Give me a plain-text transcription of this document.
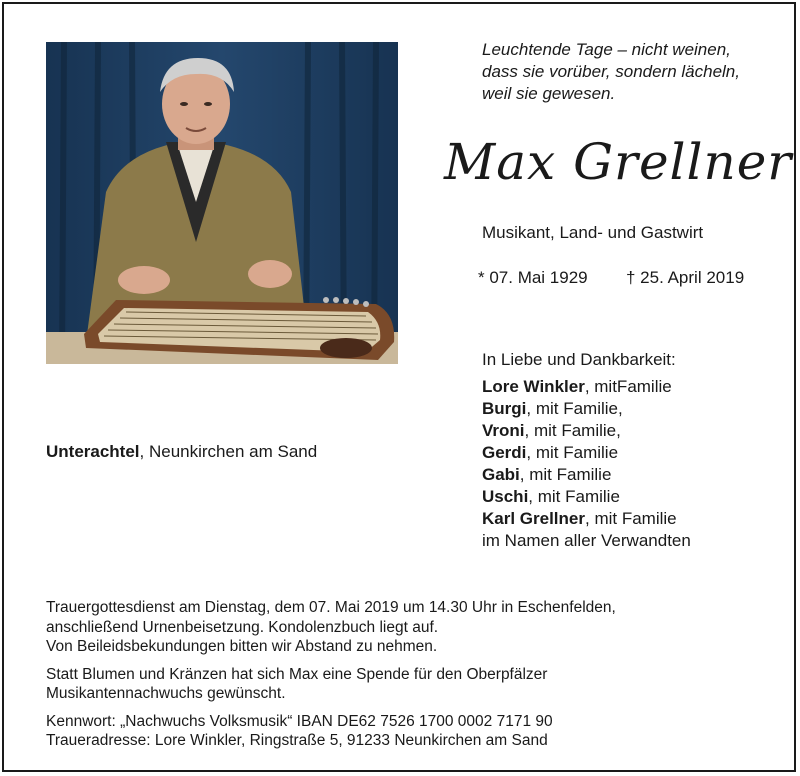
Leuchtende Tage – nicht weinen,
dass sie vorüber, sondern lächeln,
weil sie gewesen.
Max Grellner
Musikant, Land- und Gastwirt
* 07. Mai 1929 † 25. April 2019
In Liebe und Dankbarkeit:
Lore Winkler, mitFamilie
Burgi, mit Familie,
Vroni, mit Familie,
Gerdi, mit Familie
Gabi, mit Familie
Uschi, mit Familie
Karl Grellner, mit Familie
im Namen aller Verwandten
Unterachtel, Neunkirchen am Sand

Trauergottesdienst am Dienstag, dem 07. Mai 2019 um 14.30 Uhr in Eschenfelden,

anschließend Urnenbeisetzung. Kondolenzbuch liegt auf.

Von Beileidsbekundungen bitten wir Abstand zu nehmen.

Statt Blumen und Kränzen hat sich Max eine Spende für den Oberpfälzer

Musikantennachwuchs gewünscht.

Kennwort: „Nachwuchs Volksmusik“ IBAN DE62 7526 1700 0002 7171 90

Traueradresse: Lore Winkler, Ringstraße 5, 91233 Neunkirchen am Sand
